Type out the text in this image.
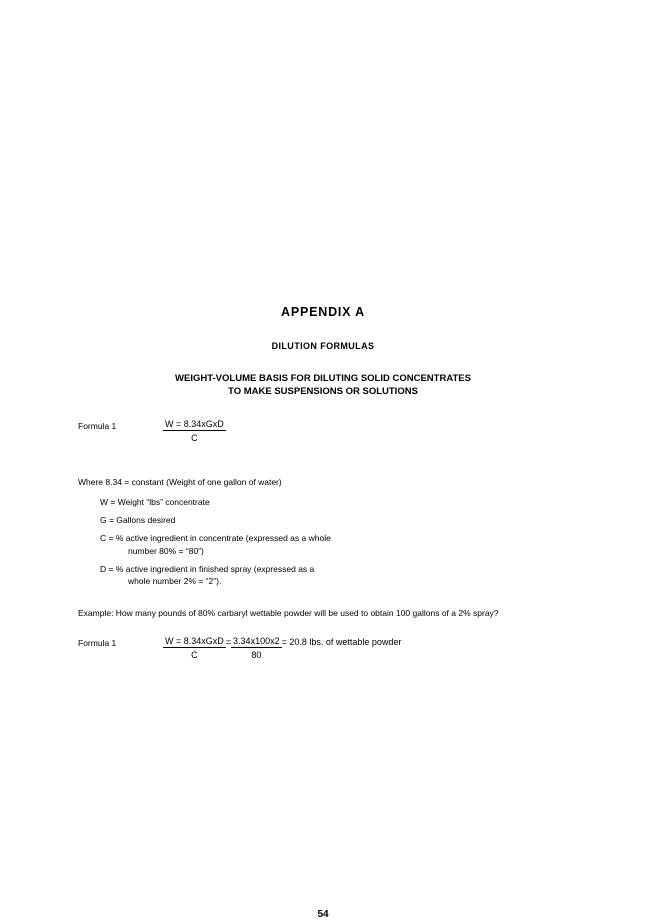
APPENDIX A
DILUTION FORMULAS
WEIGHT-VOLUME BASIS FOR DILUTING SOLID CONCENTRATES
TO MAKE SUSPENSIONS OR SOLUTIONS
Formula 1	$\frac{\text{W = 8.34xGxD}}{C}$
Where 8.34 = constant (Weight of one gallon of water)
W = Weight “lbs” concentrate
G = Gallons desired
C = % active ingredient in concentrate (expressed as a whole
number 80% = “80”)
D = % active ingredient in finished spray (expressed as a
whole number 2% = “2”).
Example: How many pounds of 80% carbaryl wettable powder will be used to obtain 100 gallons of a 2% spray?
Formula 1	$\frac{\text{W = 8.34xGxD}}{C} = \frac{3.34x100x2}{80} = 20.8$ lbs. of wettable powder
54
